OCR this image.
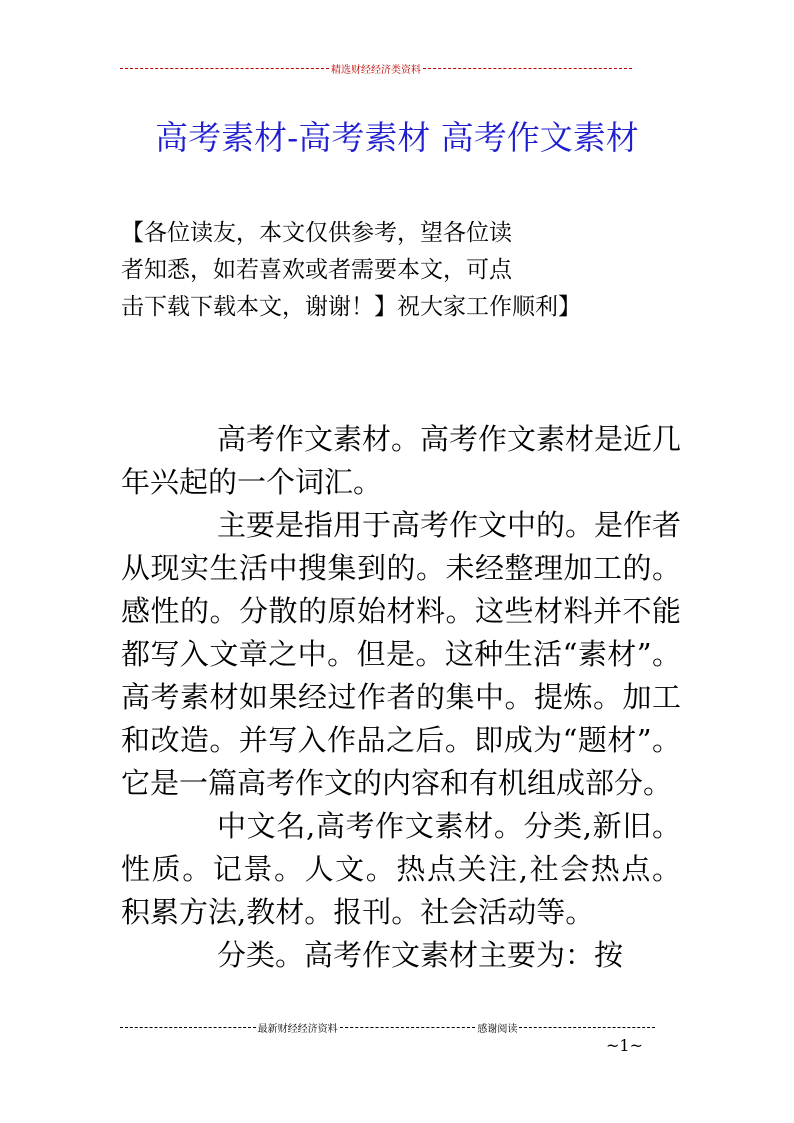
精选财经经济类资料
高考素材-高考素材 高考作文素材
【各位读友，本文仅供参考，望各位读
者知悉，如若喜欢或者需要本文，可点
击下载下载本文，谢谢！】祝大家工作顺利】

高考作文素材。高考作文素材是近几年兴起的一个词汇。

主要是指用于高考作文中的。是作者从现实生活中搜集到的。未经整理加工的。感性的。分散的原始材料。这些材料并不能都写入文章之中。但是。这种生活“素材”。高考素材如果经过作者的集中。提炼。加工和改造。并写入作品之后。即成为“题材”。它是一篇高考作文的内容和有机组成部分。

中文名,高考作文素材。分类,新旧。性质。记景。人文。热点关注,社会热点。积累方法,教材。报刊。社会活动等。

分类。高考作文素材主要为：按

最新财经经济资料	感谢阅读
~1~
